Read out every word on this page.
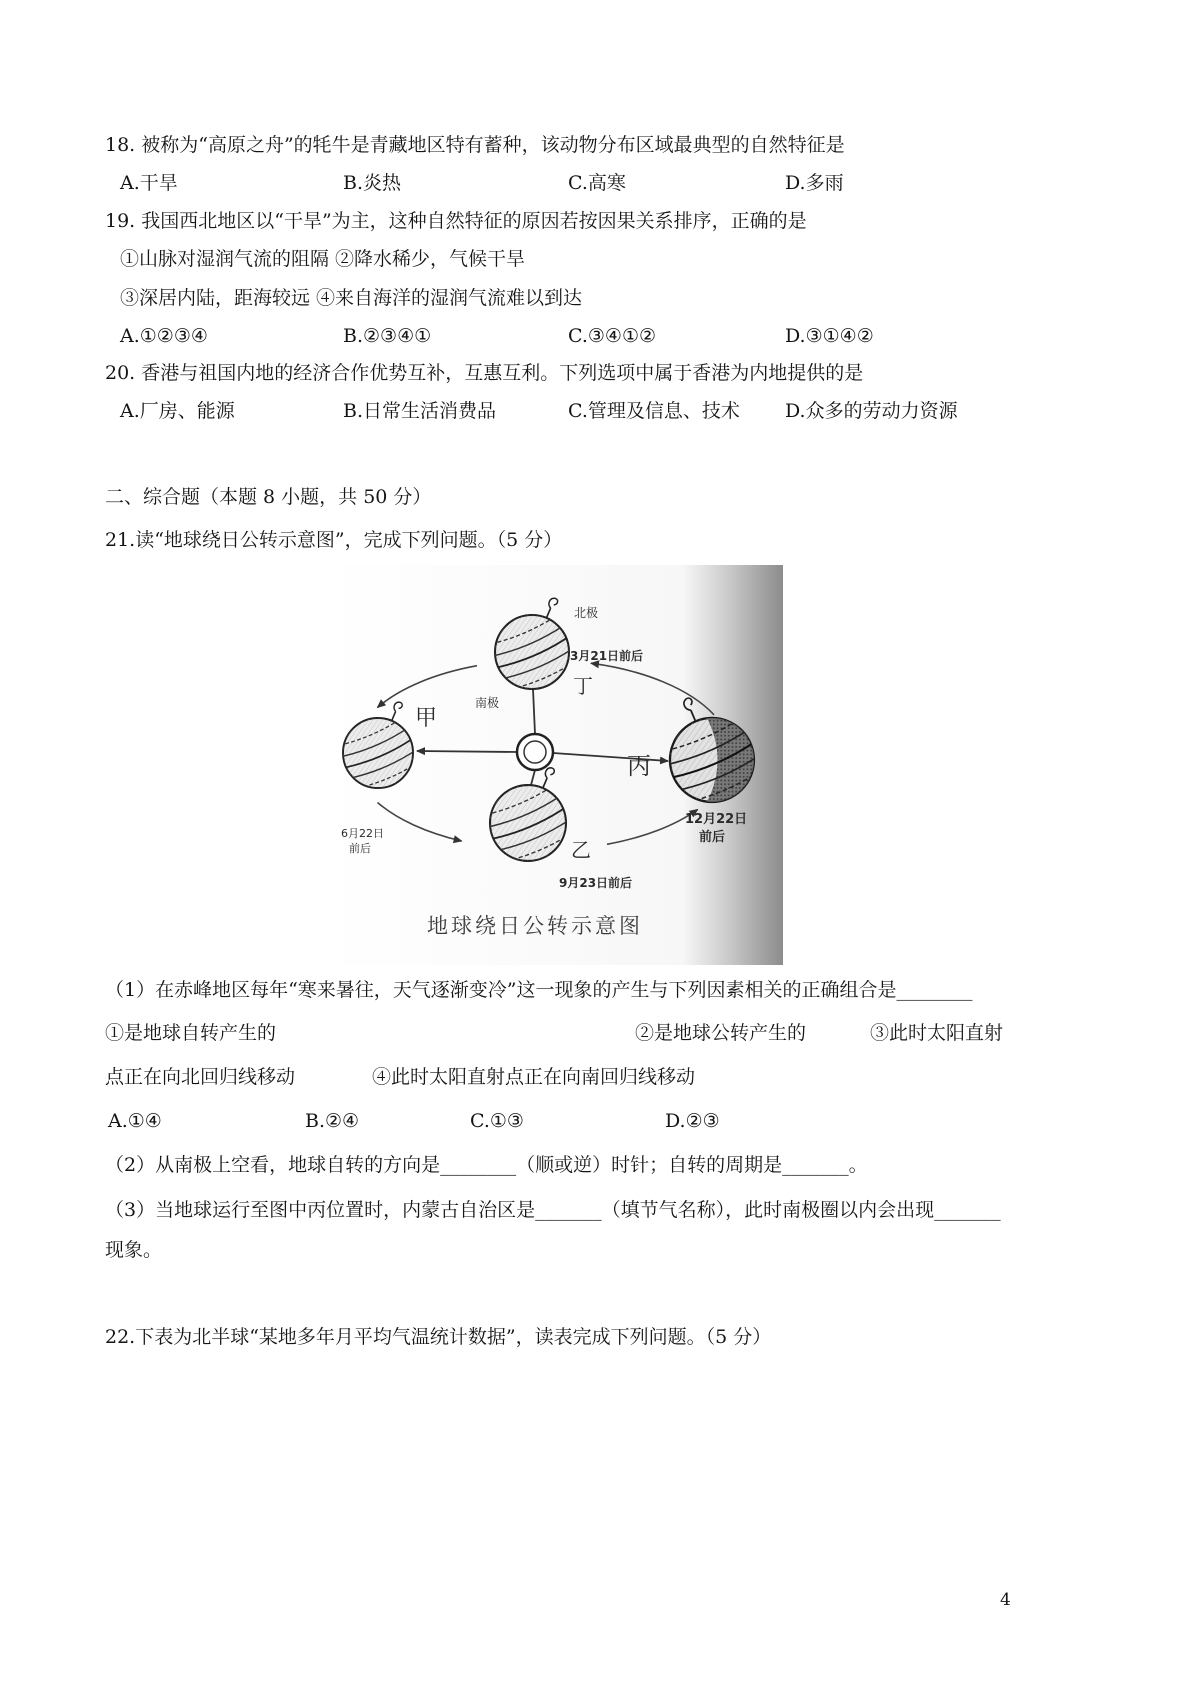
18. 被称为“高原之舟”的牦牛是青藏地区特有蓄种，该动物分布区域最典型的自然特征是
A.干旱	B.炎热	C.高寒	D.多雨
19. 我国西北地区以“干旱”为主，这种自然特征的原因若按因果关系排序，正确的是
①山脉对湿润气流的阻隔 ②降水稀少，气候干旱
③深居内陆，距海较远 ④来自海洋的湿润气流难以到达
A.①②③④	B.②③④①	C.③④①②	D.③①④②
20. 香港与祖国内地的经济合作优势互补，互惠互利。下列选项中属于香港为内地提供的是
A.厂房、能源	B.日常生活消费品	C.管理及信息、技术 D.众多的劳动力资源
二、综合题（本题 8 小题，共 50 分）
21.读“地球绕日公转示意图”，完成下列问题。（5 分）
北极
3月21日前后
丁
南极
甲
丙
6月22日
前后	乙
12月22日
前后
9月23日前后
地球绕日公转示意图
（1）在赤峰地区每年“寒来暑往，天气逐渐变冷”这一现象的产生与下列因素相关的正确组合是________
①是地球自转产生的	②是地球公转产生的	③此时太阳直射
点正在向北回归线移动	④此时太阳直射点正在向南回归线移动
A.①④	B.②④	C.①③	D.②③
（2）从南极上空看，地球自转的方向是________（顺或逆）时针；自转的周期是_______。
（3）当地球运行至图中丙位置时，内蒙古自治区是_______（填节气名称），此时南极圈以内会出现_______
现象。
22.下表为北半球“某地多年月平均气温统计数据”，读表完成下列问题。（5 分）
4
